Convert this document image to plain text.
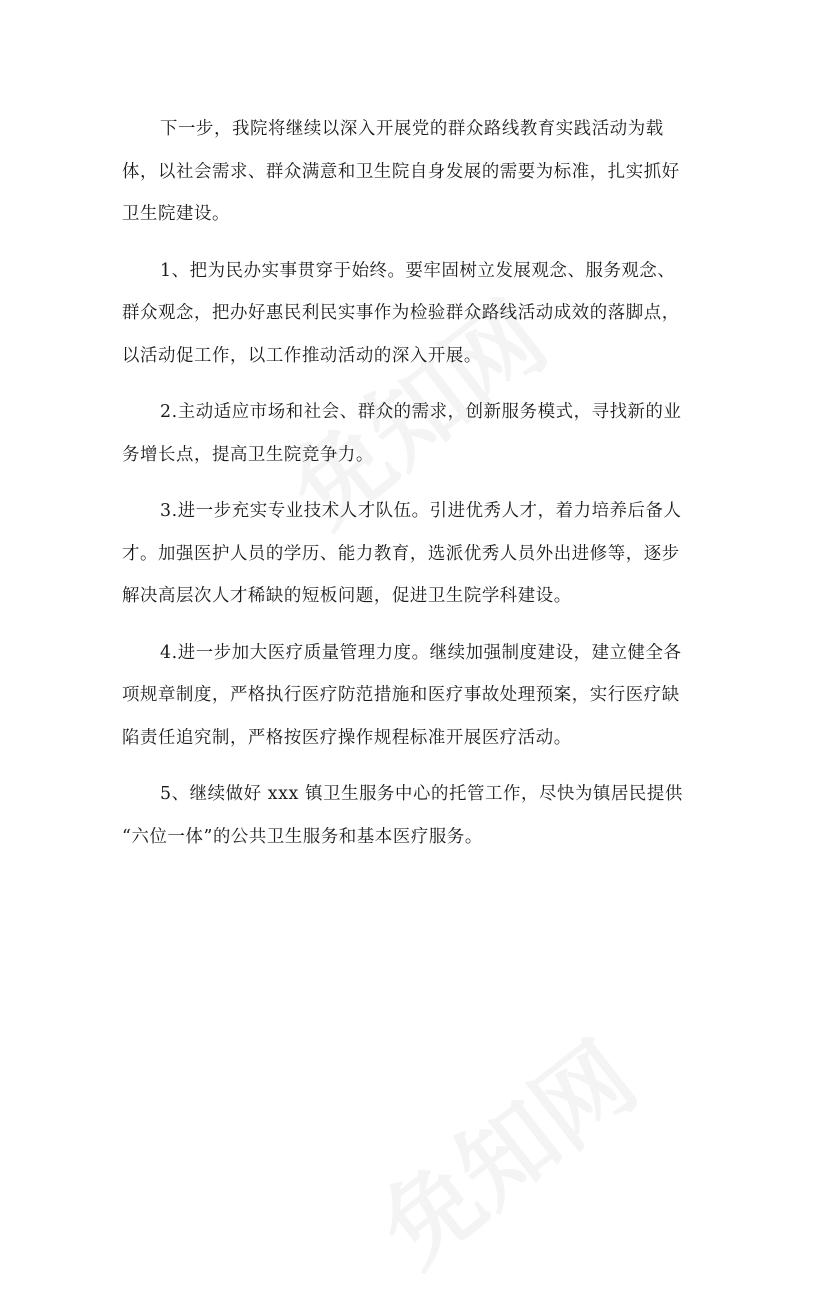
下一步，我院将继续以深入开展党的群众路线教育实践活动为载
体，以社会需求、群众满意和卫生院自身发展的需要为标准，扎实抓好
卫生院建设。

1、把为民办实事贯穿于始终。要牢固树立发展观念、服务观念、
群众观念，把办好惠民利民实事作为检验群众路线活动成效的落脚点，
以活动促工作，以工作推动活动的深入开展。

2.主动适应市场和社会、群众的需求，创新服务模式，寻找新的业
务增长点，提高卫生院竞争力。

3.进一步充实专业技术人才队伍。引进优秀人才，着力培养后备人
才。加强医护人员的学历、能力教育，选派优秀人员外出进修等，逐步
解决高层次人才稀缺的短板问题，促进卫生院学科建设。

4.进一步加大医疗质量管理力度。继续加强制度建设，建立健全各
项规章制度，严格执行医疗防范措施和医疗事故处理预案，实行医疗缺
陷责任追究制，严格按医疗操作规程标准开展医疗活动。

5、继续做好 xxx 镇卫生服务中心的托管工作，尽快为镇居民提供
“六位一体”的公共卫生服务和基本医疗服务。
